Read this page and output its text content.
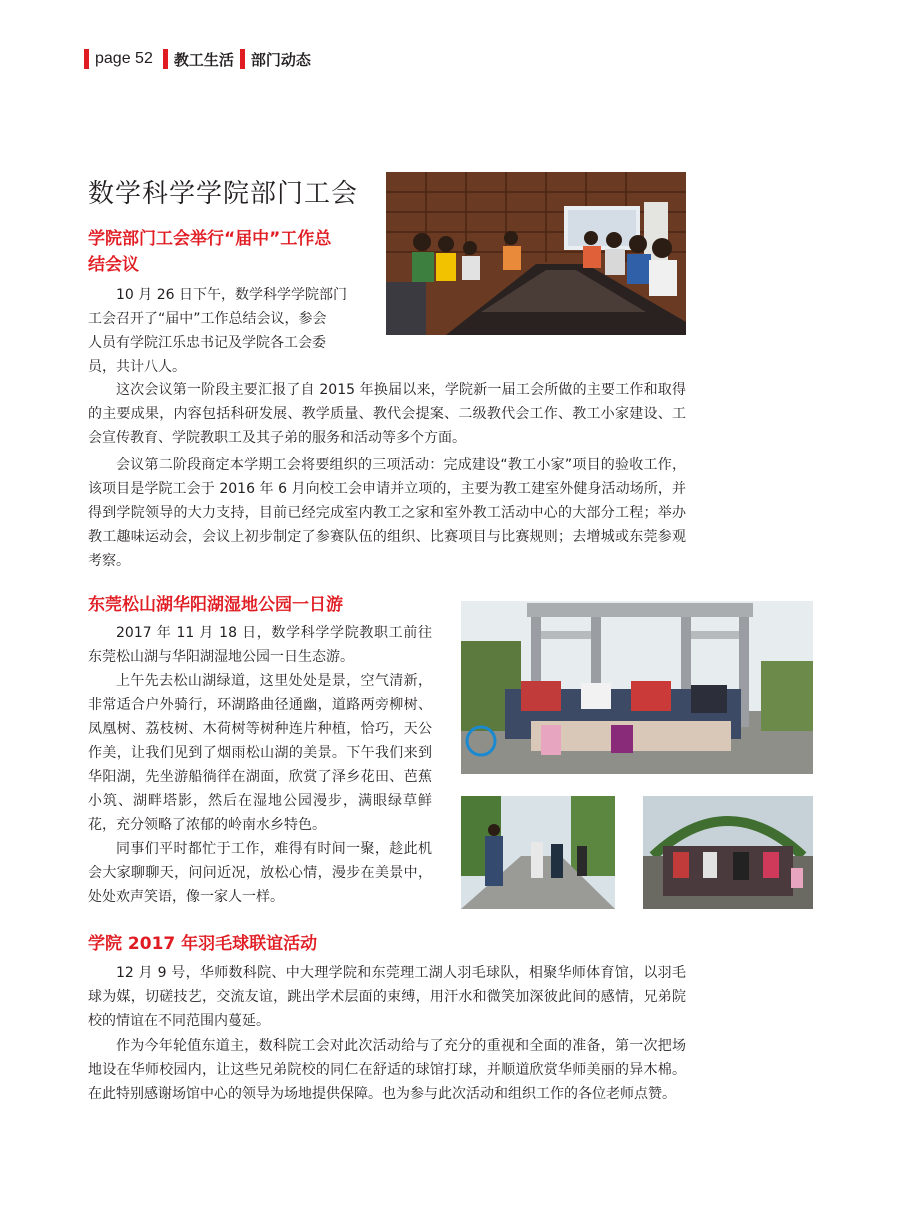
page 52 教工生活 部门动态
数学科学学院部门工会
学院部门工会举行“届中”工作总
结会议
10 月 26 日下午，数学科学学院部门
工会召开了“届中”工作总结会议，参会
人员有学院江乐忠书记及学院各工会委
员，共计八人。

这次会议第一阶段主要汇报了自 2015 年换届以来，学院新一届工会所做的主要工作和取得的主要成果，内容包括科研发展、教学质量、教代会提案、二级教代会工作、教工小家建设、工会宣传教育、学院教职工及其子弟的服务和活动等多个方面。

会议第二阶段商定本学期工会将要组织的三项活动：完成建设“教工小家”项目的验收工作，该项目是学院工会于 2016 年 6 月向校工会申请并立项的，主要为教工建室外健身活动场所，并得到学院领导的大力支持，目前已经完成室内教工之家和室外教工活动中心的大部分工程；举办教工趣味运动会，会议上初步制定了参赛队伍的组织、比赛项目与比赛规则；去增城或东莞参观考察。

东莞松山湖华阳湖湿地公园一日游

2017 年 11 月 18 日，数学科学学院教职工前往东莞松山湖与华阳湖湿地公园一日生态游。

上午先去松山湖绿道，这里处处是景，空气清新，非常适合户外骑行，环湖路曲径通幽，道路两旁柳树、凤凰树、荔枝树、木荷树等树种连片种植，恰巧，天公作美，让我们见到了烟雨松山湖的美景。下午我们来到华阳湖，先坐游船徜徉在湖面，欣赏了泽乡花田、芭蕉小筑、湖畔塔影，然后在湿地公园漫步，满眼绿草鲜花，充分领略了浓郁的岭南水乡特色。

同事们平时都忙于工作，难得有时间一聚，趁此机会大家聊聊天，问问近况，放松心情，漫步在美景中，处处欢声笑语，像一家人一样。

学院 2017 年羽毛球联谊活动

12 月 9 号，华师数科院、中大理学院和东莞理工湖人羽毛球队，相聚华师体育馆，以羽毛球为媒，切磋技艺，交流友谊，跳出学术层面的束缚，用汗水和微笑加深彼此间的感情，兄弟院校的情谊在不同范围内蔓延。

作为今年轮值东道主，数科院工会对此次活动给与了充分的重视和全面的准备，第一次把场地设在华师校园内，让这些兄弟院校的同仁在舒适的球馆打球，并顺道欣赏华师美丽的异木棉。在此特别感谢场馆中心的领导为场地提供保障。也为参与此次活动和组织工作的各位老师点赞。
